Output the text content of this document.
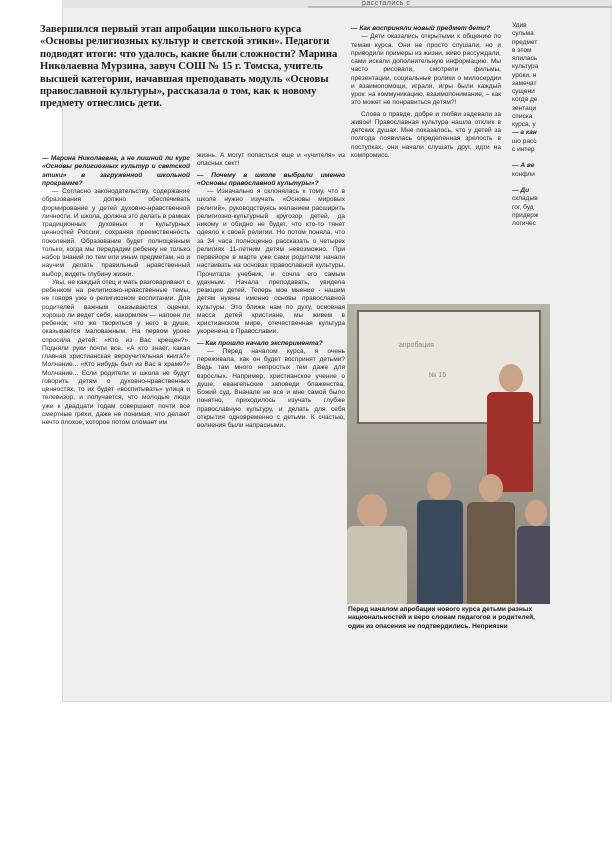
расстались с
Завершился первый этап апробации школьного курса «Основы религиозных культур и светской этики». Педагоги подводят итоги: что удалось, какие были сложности? Марина Николаевна Мурзина, завуч СОШ № 15 г. Томска, учитель высшей категории, начавшая преподавать модуль «Основы православной культуры», рассказала о том, как к новому предмету отнеслись дети.

— Марина Николаевна, а не лишний ли курс «Основы религиозных культур и светской этики» в загруженной школьной программе?

— Согласно законодательству, содержание образования должно обеспечивать формирование у детей духовно-нравственной личности. И школа, должна это делать в рамках традиционных духовных и культурных ценностей России, сохраняя преемственность поколений. Образование будет полноценным только, когда мы передадим ребенку не только набор знаний по тем или иным предметам, но и научим делать правильный нравственный выбор, видеть глубину жизни.

Увы, не каждый отец и мать разговаривают с ребенком на религиозно-нравственные темы, не говоря уже о религиозном воспитании. Для родителей важным оказываются оценки, хорошо ли ведет себя, накормлен — напоен ли ребенок, что же твориться у него в душе, оказывается маловажным. На первом уроке спросила детей: «Кто из Вас крещен?». Подняли руки почти все. «А кто знает, какая главная христианская вероучительная книга?» Молчание... «Кто нибудь был из Вас в храме?» Молчание... Если родители и школа не будут говорить детям о духовно-нравственных ценностях, то их будет «воспитывать» улица и телевизор, и получается, что молодые люди уже к двадцати годам совершают почти все смертные грехи, даже не понимая, что делают нечто плохое, которое потом сломает им

жизнь. А могут попасться еще и «учителя» из опасных сект!

— Почему в школе выбрали именно «Основы православной культуры»?

— Изначально я склонялась к тому, что в школе нужно изучать «Основы мировых религий», руководствуясь желанием расширить религиозно-культурный кругозор детей, да никому и обидно не будет, что кто-то тянет одеяло к своей религии. Но потом поняла, что за 34 часа полноценно рассказать о четырех религиях 11-летним детям невозможно. При первейоре в марте уже сами родители начали настаивать на основах православной культуры. Прочитала учебник, и сочла его самым удачным. Начала преподавать, увидела реакцию детей. Теперь мое мнение - нашим детям нужны именно основы православной культуры. Это ближе нам по духу, основная масса детей христиане, мы живем в христианском мире, отечественная культура укоренена в Православии.

— Как прошло начало эксперимента?

— Перед началом курса, я очень переживала, как он будет воспринят детьми? Ведь там много непростых тем даже для взрослых. Например, христианское учение о душе, евангельские заповеди блаженства, Божий суд. Вначале не все и мне самой было понятно, приходилось изучать глубже православную культуру, и делать для себя открытия одновременно с детьми. К счастью, волнения были напрасными.

— Как восприняли новый предмет дети?

— Дети оказались открытыми к общению по темам курса. Они не просто слушали, но и приводили примеры из жизни, живо рассуждали, сами искали дополнительную информацию. Мы часто рисовали, смотрели фильмы, презентации, социальные ролики о милосердии и взаимопомощи, играли, игры были каждый урок: на коммуникацию, взаимопонимание, – как это может не понравиться детям?!

Слова о правде, добре и любви задевали за живое! Православная культура нашла отклик в детских душах. Мне показалось, что у детей за полгода появилась определенная зрелость в поступках, они начали слушать друг, идти на компромисс.

Удив
сульма
предмет
в этом
ялилась
культура
уроки, н
замечат
сущени
когда де
зентаци
списка
курса, у
— а кан
шо расс
с интер

— А ве
конфли

— Ди
складыв
гог, буд
придерж
логичес
апробация
№ 15
Перед началом апробации нового курса детьми разных национальностей и веро словам педагогов и родителей, один из опасения не подтвердились. Неприязни
